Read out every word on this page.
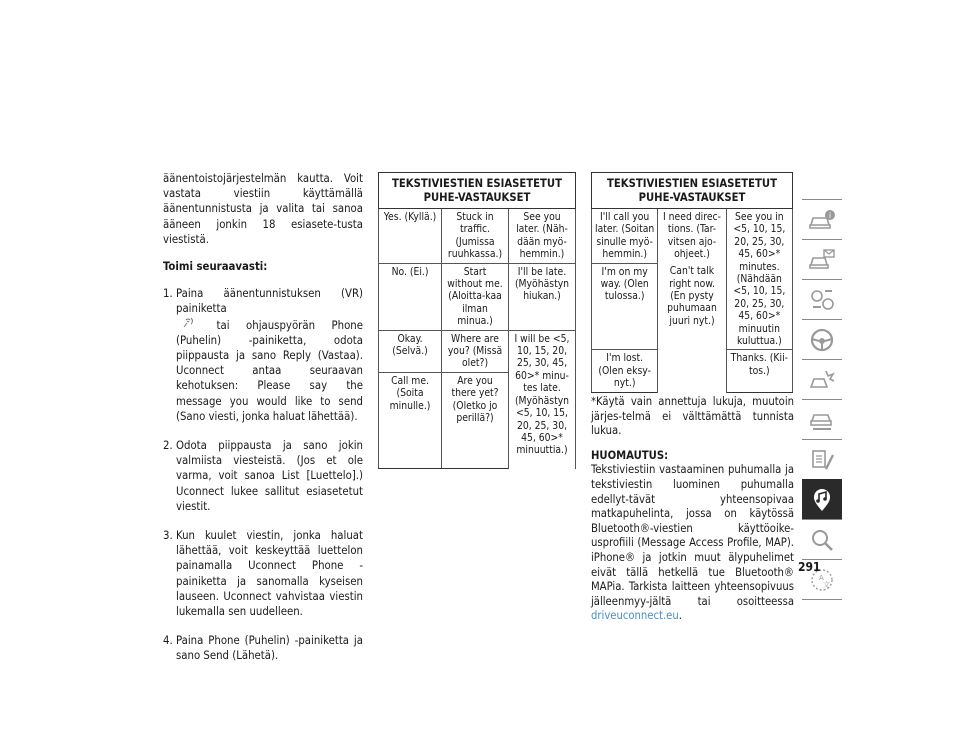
äänentoistojärjestelmän kautta. Voit vastata viestiin käyttämällä äänentunnistusta ja valita tai sanoa ääneen jonkin 18 esiasete-tusta viestistä.

Toimi seuraavasti:
1. Paina äänentunnistuksen (VR) painiketta
tai ohjauspyörän Phone (Puhelin) -painiketta, odota piippausta ja sano Reply (Vastaa). Uconnect antaa seuraavan kehotuksen: Please say the message you would like to send (Sano viesti, jonka haluat lähettää).
2. Odota piippausta ja sano jokin valmiista viesteistä. (Jos et ole varma, voit sanoa List [Luettelo].) Uconnect lukee sallitut esiasetetut viestit.
3. Kun kuulet viestin, jonka haluat lähettää, voit keskeyttää luettelon painamalla Uconnect Phone -painiketta ja sanomalla kyseisen lauseen. Uconnect vahvistaa viestin lukemalla sen uudelleen.
4. Paina Phone (Puhelin) -painiketta ja sano Send (Lähetä).
TEKSTIVIESTIEN ESIASETETUT PUHE-VASTAUKSET		
Yes. (Kyllä.)	Stuck in traffic. (Jumissa ruuhkassa.)	See you later. (Näh-dään myö-hemmin.)
No. (Ei.)	Start without me. (Aloitta-kaa ilman minua.)	I'll be late. (Myöhästyn hiukan.)
Okay. (Selvä.)	Where are you? (Missä olet?)	I will be <5, 10, 15, 20, 25, 30, 45, 60>* minu-tes late. (Myöhästyn <5, 10, 15, 20, 25, 30, 45, 60>* minuuttia.)
Call me. (Soita minulle.)	Are you there yet? (Oletko jo perillä?)	
TEKSTIVIESTIEN ESIASETETUT PUHE-VASTAUKSET		
I'll call you later. (Soitan sinulle myö-hemmin.)	I need direc-tions. (Tar-vitsen ajo-ohjeet.)	See you in <5, 10, 15, 20, 25, 30, 45, 60>* minutes. (Nähdään <5, 10, 15, 20, 25, 30, 45, 60>* minuutin kuluttua.)
I'm on my way. (Olen tulossa.)	Can't talk right now. (En pysty puhumaan juuri nyt.)	
I'm lost. (Olen eksy-nyt.)		Thanks. (Kii-tos.)

*Käytä vain annettuja lukuja, muutoin järjes-telmä ei välttämättä tunnista lukua.

HUOMAUTUS:

Tekstiviestiin vastaaminen puhumalla ja tekstiviestin luominen puhumalla edellyt-tävät yhteensopivaa matkapuhelinta, jossa on käytössä Bluetooth®-viestien käyttöoike-usprofiili (Message Access Profile, MAP). iPhone® ja jotkin muut älypuhelimet eivät tällä hetkellä tue Bluetooth® MAPia. Tarkista laitteen yhteensopivuus jälleenmyy-jältä tai osoitteessa driveuconnect.eu.

i
A
文
291
